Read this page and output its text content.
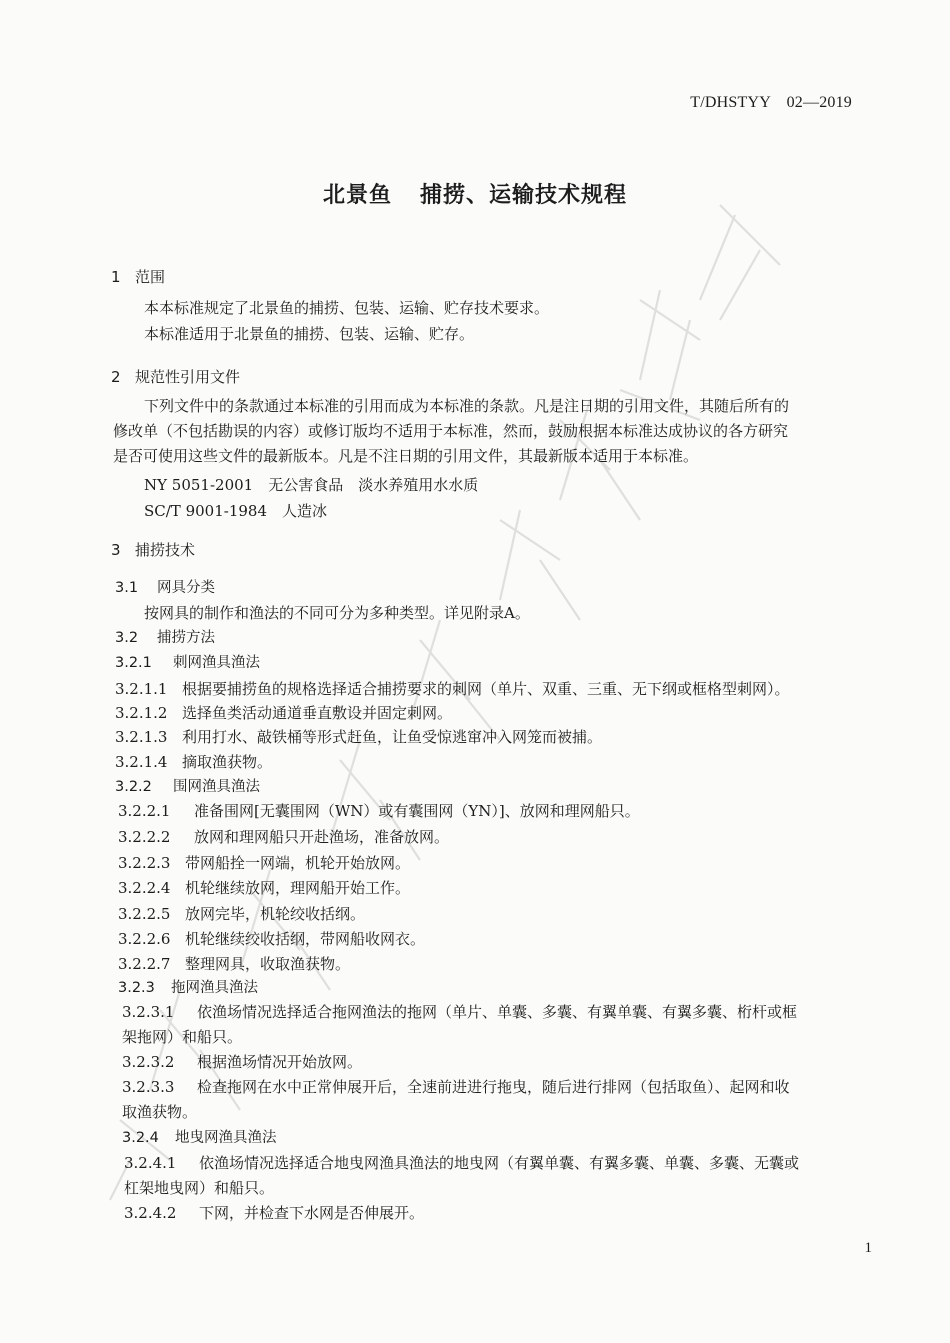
T/DHSTYY　02—2019
北景鱼 捕捞、运输技术规程
1 范围
本本标准规定了北景鱼的捕捞、包装、运输、贮存技术要求。
本标准适用于北景鱼的捕捞、包装、运输、贮存。
2 规范性引用文件
下列文件中的条款通过本标准的引用而成为本标准的条款。凡是注日期的引用文件，其随后所有的
修改单（不包括勘误的内容）或修订版均不适用于本标准，然而，鼓励根据本标准达成协议的各方研究
是否可使用这些文件的最新版本。凡是不注日期的引用文件，其最新版本适用于本标准。
NY 5051-2001　无公害食品　淡水养殖用水水质
SC/T 9001-1984　人造冰
3 捕捞技术
3.1 网具分类
按网具的制作和渔法的不同可分为多种类型。详见附录A。
3.2 捕捞方法
3.2.1 刺网渔具渔法
3.2.1.1 根据要捕捞鱼的规格选择适合捕捞要求的刺网（单片、双重、三重、无下纲或框格型刺网）。
3.2.1.2 选择鱼类活动通道垂直敷设并固定刺网。
3.2.1.3 利用打水、敲铁桶等形式赶鱼，让鱼受惊逃窜冲入网笼而被捕。
3.2.1.4 摘取渔获物。
3.2.2 围网渔具渔法
3.2.2.1 准备围网[无囊围网（WN）或有囊围网（YN）]、放网和理网船只。
3.2.2.2 放网和理网船只开赴渔场，准备放网。
3.2.2.3 带网船拴一网端，机轮开始放网。
3.2.2.4 机轮继续放网，理网船开始工作。
3.2.2.5 放网完毕，机轮绞收括纲。
3.2.2.6 机轮继续绞收括纲，带网船收网衣。
3.2.2.7 整理网具，收取渔获物。
3.2.3 拖网渔具渔法
3.2.3.1 依渔场情况选择适合拖网渔法的拖网（单片、单囊、多囊、有翼单囊、有翼多囊、桁杆或框
架拖网）和船只。
3.2.3.2 根据渔场情况开始放网。
3.2.3.3 检查拖网在水中正常伸展开后，全速前进进行拖曳，随后进行排网（包括取鱼）、起网和收
取渔获物。
3.2.4 地曳网渔具渔法
3.2.4.1 依渔场情况选择适合地曳网渔具渔法的地曳网（有翼单囊、有翼多囊、单囊、多囊、无囊或
杠架地曳网）和船只。
3.2.4.2 下网，并检查下水网是否伸展开。
1
